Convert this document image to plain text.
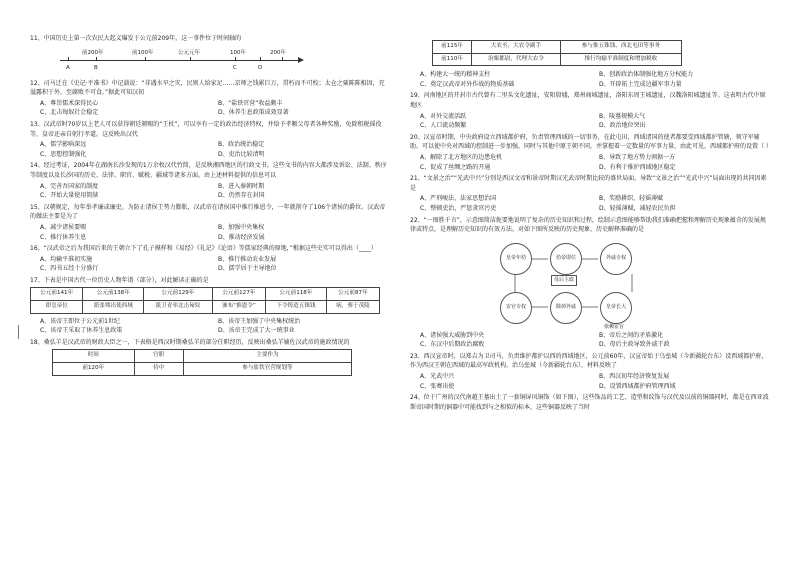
11、中国历史上第一次农民大起义爆发于公元前209年，这一事件位于时间轴的
前200年	前100年	公元元年	100年	200年
A	B	C	D
12、司马迁在《史记·平准书》中记载说：“非遇水旱之灾，民则人给家足……京师之钱累巨万，贯朽而不可校；太仓之粟陈陈相因，充溢露积于外，至腐败不可食。”据此可知汉初
A、尊崇儒术深得民心	B、“盐铁官营”收益颇丰
C、北击匈奴社会稳定	D、休养生息政策成效显著
13、汉武帝时70岁以上老人可以获得朝廷颁赐的“王杖”，可以享有一定的政治经济特权，并给予孝顺父母者各种奖励，免除租税徭役等，皇帝还亲自躬行孝道。这反映出汉代
A、儒学影响深远	B、政治统治稳定
C、思想控制强化	D、吏治比较清明
14、经过考证，2004年在湖南长沙发现的1万余枚汉代竹简，是反映湘西地区的行政文书。这些文书的内容大都涉及诉讼、法制、秩序等制度以及长沙国的历史、法律、职官、赋税、疆域等诸多方面。由上述材料提供的信息可以
A、完善吾国家的制度	B、进入秦朝时期
C、开始大量使用简牍	D、仍然存在封国
15、汉朝规定，每年举孝廉或廉吏。为防止诸侯王势力膨胀，汉武帝在诸侯国中推行推恩令，一年就削夺了106个诸侯的爵位。汉武帝的做法主要是为了
A、减少诸侯要赐	B、加强中央集权
C、推行休养生息	D、推动经济发展
16、“汉武帝之后为我国后来的王朝立下了孔子摸样和《易经》《礼记》《论语》等儒家经典的原地，”根据这些史实可以得出（____）
A、均输平准初实施	B、推行推动农业发展
C、四书五经十分盛行	D、儒学居于主导地位
17、下表是中国古代一位历史人物年谱（部分），对此解读正确的是
公元前141年	公元前138年	公元前129年	公元前127年	公元前118年	公元前87年
即皇帝位	派张骞出使西域	派卫青率北击匈奴	颁布“推恩令”	下令铸造五铢钱	病，葬于茂陵
A、该帝王即位于公元前1世纪	B、该帝王加强了中央集权统治
C、该帝王采取了休养生息政策	D、该帝王完成了大一统事业
18、桑弘羊是汉武帝的财政大臣之一，下表格是西汉时期桑弘羊的部分任职经历，反映出桑弘羊辅佐汉武帝的施政情况的
时间	官职	主要作为
前120年	侍中	参与盐铁官营规划等
前115年	大农丞，大农令副手	参与推五铢钱、西北屯田等事务
前110年	治粟都尉，代理大农令	推行均输平准制度和增加税收
A、构建大一统的精神支柱	B、创新政治体制强化地方分权能力
C、奠定汉武帝对外作战的物质基础	D、开辟拓土完成边疆军事力量
19、河南地区的开封市古代曾有二里头文化遗址，安阳殷墟，郑州商城遗址，洛阳东周王城遗址，汉魏洛阳城遗址等。这表明古代中原地区
A、对外交流活跃	B、陵墓规模大气
C、人口流动频繁	D、政治地位突出
20、汉宣帝时期，中央政府设立西域都护府，负责管理西域的一切事务，在此屯田，西域诸国的使者都要受西域都护管辖，领守军辅助。可以使中央对西域的控制进一步加强，同时与其他中原王朝不同，并掌握着一定数量的军事力量，由此可见，西域都护府的设置（ ）
A、解除了北方地区的边患危机	B、导致了地方势力割据一方
C、促成了丝绸之路的开通	D、有利于推护西域地区稳定
21、“文景之治”“光武中兴”分别是西汉文帝和景帝时期汉光武帝时期比较的盛世局面，导致“文景之治”“光武中兴”局面出现的共同因素是
A、严刑峻法，法家思想治国	B、奖励耕织，轻徭薄赋
C、整顿吏治，严惩贪官污吏	D、轻徭薄赋，减轻农民负担
22、“一图胜千言”，示意图简洁扼要地说明了复杂的历史知识和过程，绘制示意图能够帮助我们准确把握和理解历史现象蕴含的发展规律或特点，是理解历史知识的有效方法。对如下图所反映的历史现象，历史解释准确的是
皇帝年幼	幼帝即位	外戚专权
皇帝长大
除掉外戚
宦官专权
母后主政
依赖宦官
A、诸侯强大威胁到中央	B、帝后之间的矛盾激化
C、东汉中后期政治腐败	D、母后主政导致外戚干政
23、西汉宣帝时，以郑吉为卫司马，负责维护都护以西的西域地区，公元前60年，汉宣帝始于乌垒城（今新疆轮台东）设西域都护府，作为西汉王朝在西域的最高军政机构，治乌垒城（今新疆轮台东），材料反映了
A、光武中兴	B、西汉初年经济恢复发展
C、张骞出使	D、设置西域都护府管理西域
24、位于广州的汉代南越王墓出土了一套铜屏风铜饰（如下图），这些饰品的工艺、造型和纹饰与汉代及以前的铜器同时，都是在西亚波斯帝国时期的铜器中可能找到与之相似的标本，这些铜器反映了当时
